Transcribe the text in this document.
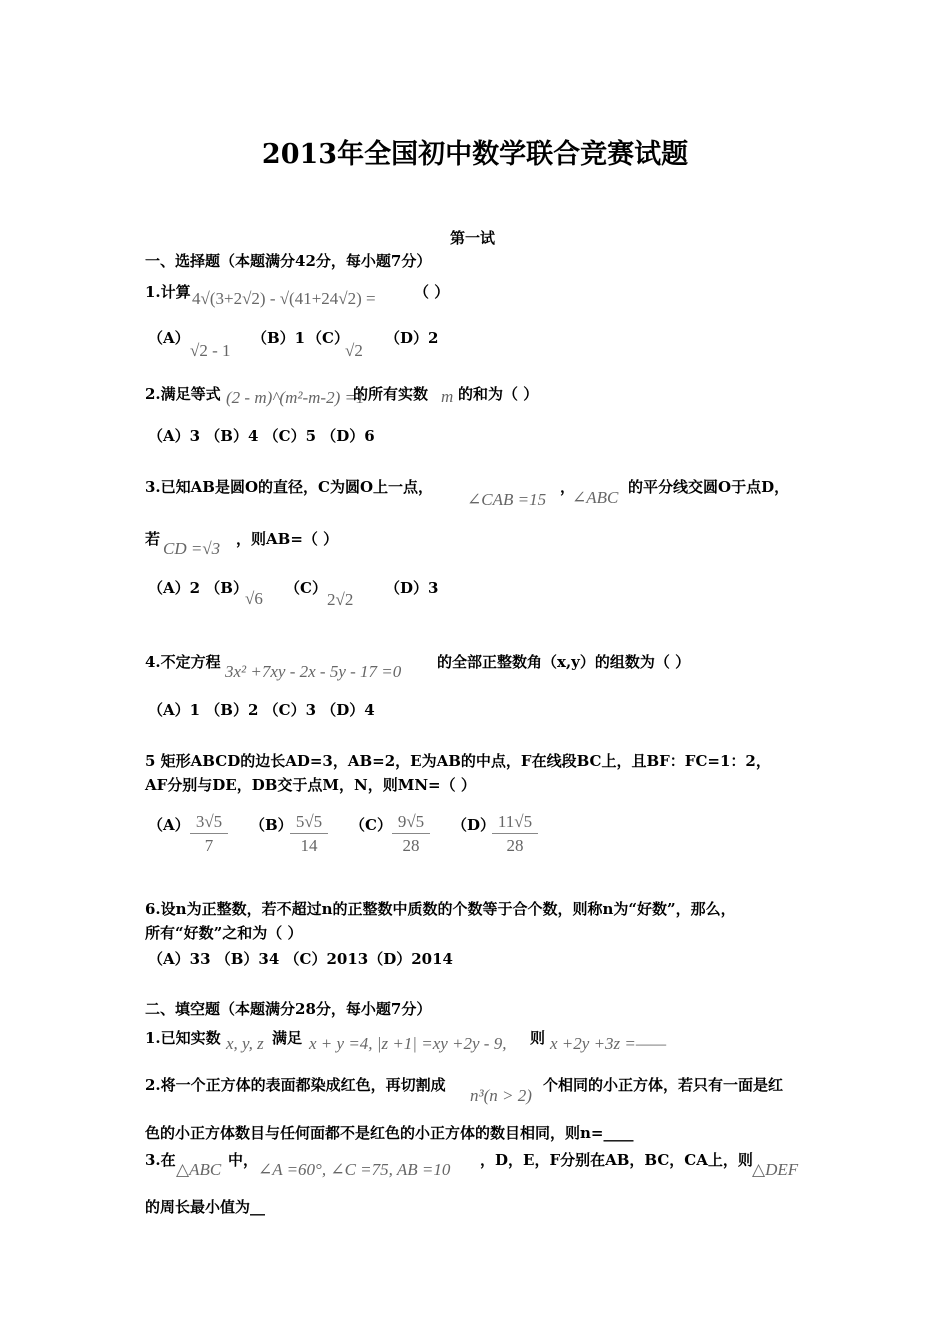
2013年全国初中数学联合竞赛试题
第一试
一、选择题（本题满分42分，每小题7分）
1.计算 4√(3+2√2) - √(41+24√2) =	（ ）
（A）
√2 - 1
（B）1 （C）
√2
（D）2
2.满足等式 (2 - m)^(m²-m-2) =1
的所有实数 m 的和为（ ）
（A）3 （B）4 （C）5 （D）6
3.已知AB是圆O的直径，C为圆O上一点，
∠CAB =15
，
∠ABC
的平分线交圆O于点D，
若 CD =√3 ，则AB=（ ）
（A）2 （B）
√6
（C）
2√2
（D）3
4.不定方程 3x² +7xy - 2x - 5y - 17 =0 的全部正整数角（x,y）的组数为（ ）
（A）1 （B）2 （C）3 （D）4
5 矩形ABCD的边长AD=3，AB=2，E为AB的中点，F在线段BC上，且BF：FC=1：2，
AF分别与DE，DB交于点M，N，则MN=（ ）
$(A) \frac{3√5}{7} (B)$
$\frac{5√5}{14} (C) \frac{9√5}{28} (D)$
$\frac{11√5}{28}$
6.设n为正整数，若不超过n的正整数中质数的个数等于合个数，则称n为“好数”，那么，
所有“好数”之和为（ ）
（A）33 （B）34 （C）2013（D）2014
二、填空题（本题满分28分，每小题7分）
1.已知实数 x, y, z 满足 x + y =4, |z +1| =xy +2y - 9, 则 x +2y +3z =——
2.将一个正方体的表面都染成红色，再切割成
n³(n > 2)
个相同的小正方体，若只有一面是红
色的小正方体数目与任何面都不是红色的小正方体的数目相同，则n=____
3.在 △ABC 中， ∠A =60°, ∠C =75, AB =10 ，D，E，F分别在AB，BC，CA上，则 △DEF
的周长最小值为__
